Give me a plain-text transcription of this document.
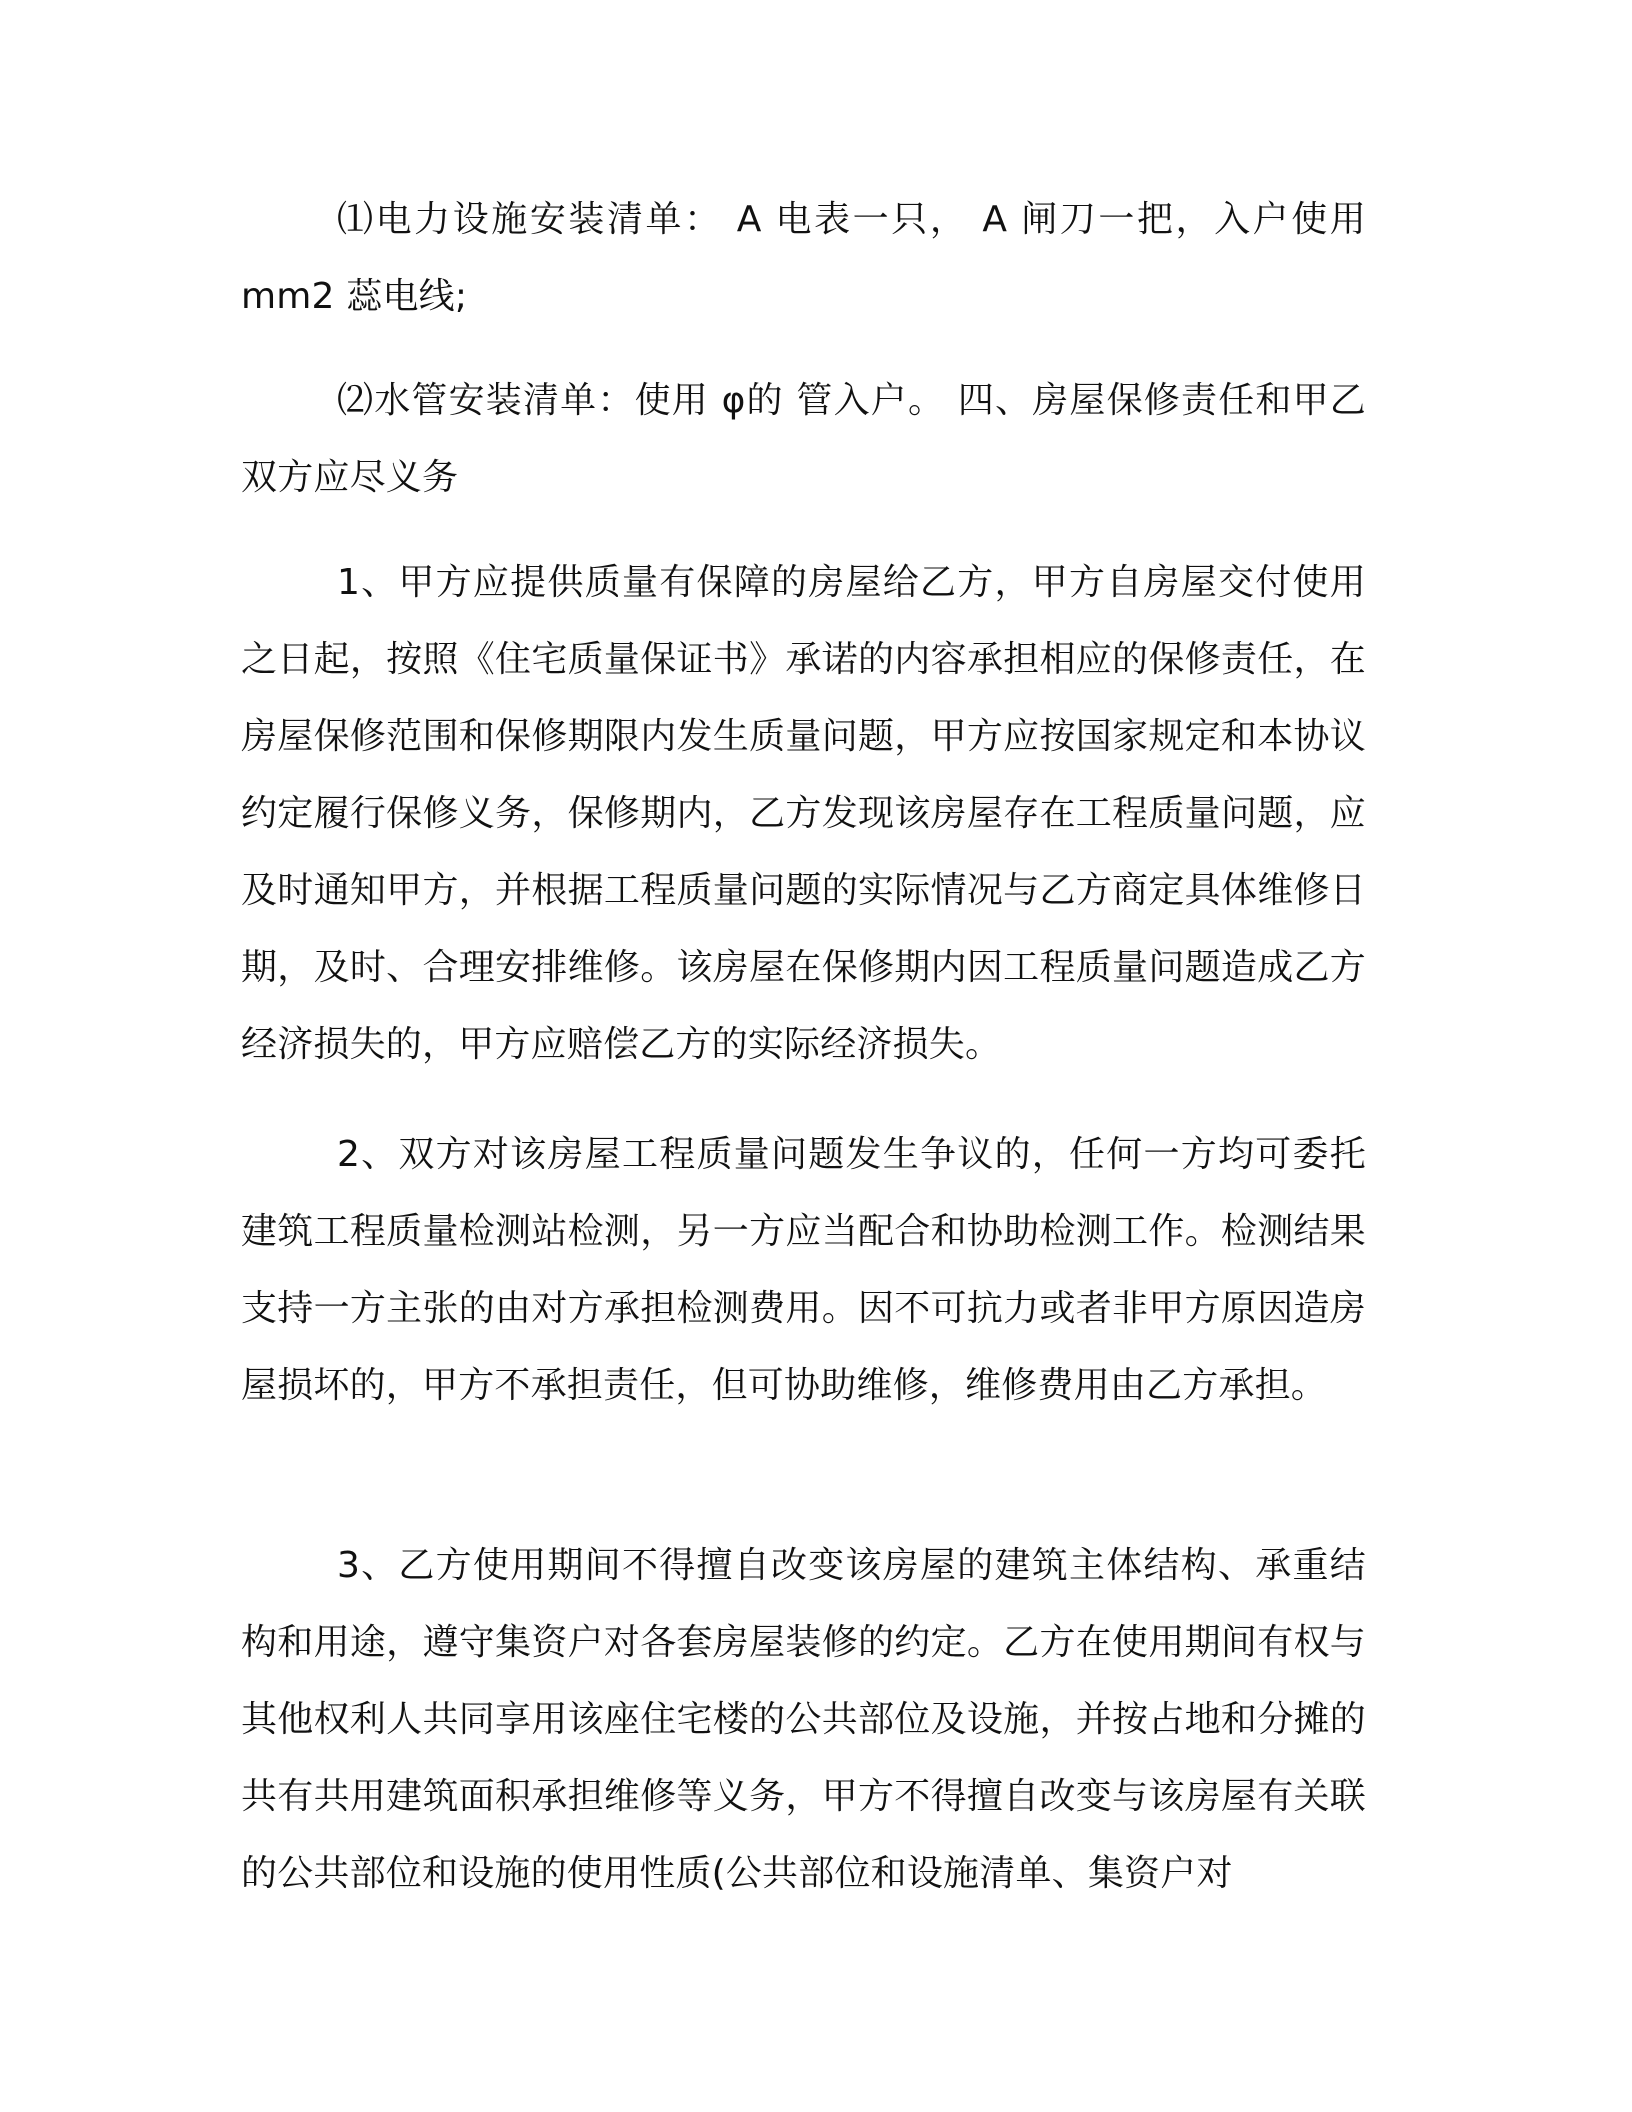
⑴电力设施安装清单： A 电表一只， A 闸刀一把，入户使用 mm2 蕊电线;

⑵水管安装清单：使用 φ的 管入户。 四、房屋保修责任和甲乙双方应尽义务

1、甲方应提供质量有保障的房屋给乙方，甲方自房屋交付使用之日起，按照《住宅质量保证书》承诺的内容承担相应的保修责任，在房屋保修范围和保修期限内发生质量问题，甲方应按国家规定和本协议约定履行保修义务，保修期内，乙方发现该房屋存在工程质量问题，应及时通知甲方，并根据工程质量问题的实际情况与乙方商定具体维修日期，及时、合理安排维修。该房屋在保修期内因工程质量问题造成乙方经济损失的，甲方应赔偿乙方的实际经济损失。

2、双方对该房屋工程质量问题发生争议的，任何一方均可委托建筑工程质量检测站检测，另一方应当配合和协助检测工作。检测结果支持一方主张的由对方承担检测费用。因不可抗力或者非甲方原因造房屋损坏的，甲方不承担责任，但可协助维修，维修费用由乙方承担。

3、乙方使用期间不得擅自改变该房屋的建筑主体结构、承重结构和用途，遵守集资户对各套房屋装修的约定。乙方在使用期间有权与其他权利人共同享用该座住宅楼的公共部位及设施，并按占地和分摊的共有共用建筑面积承担维修等义务，甲方不得擅自改变与该房屋有关联的公共部位和设施的使用性质(公共部位和设施清单、集资户对
